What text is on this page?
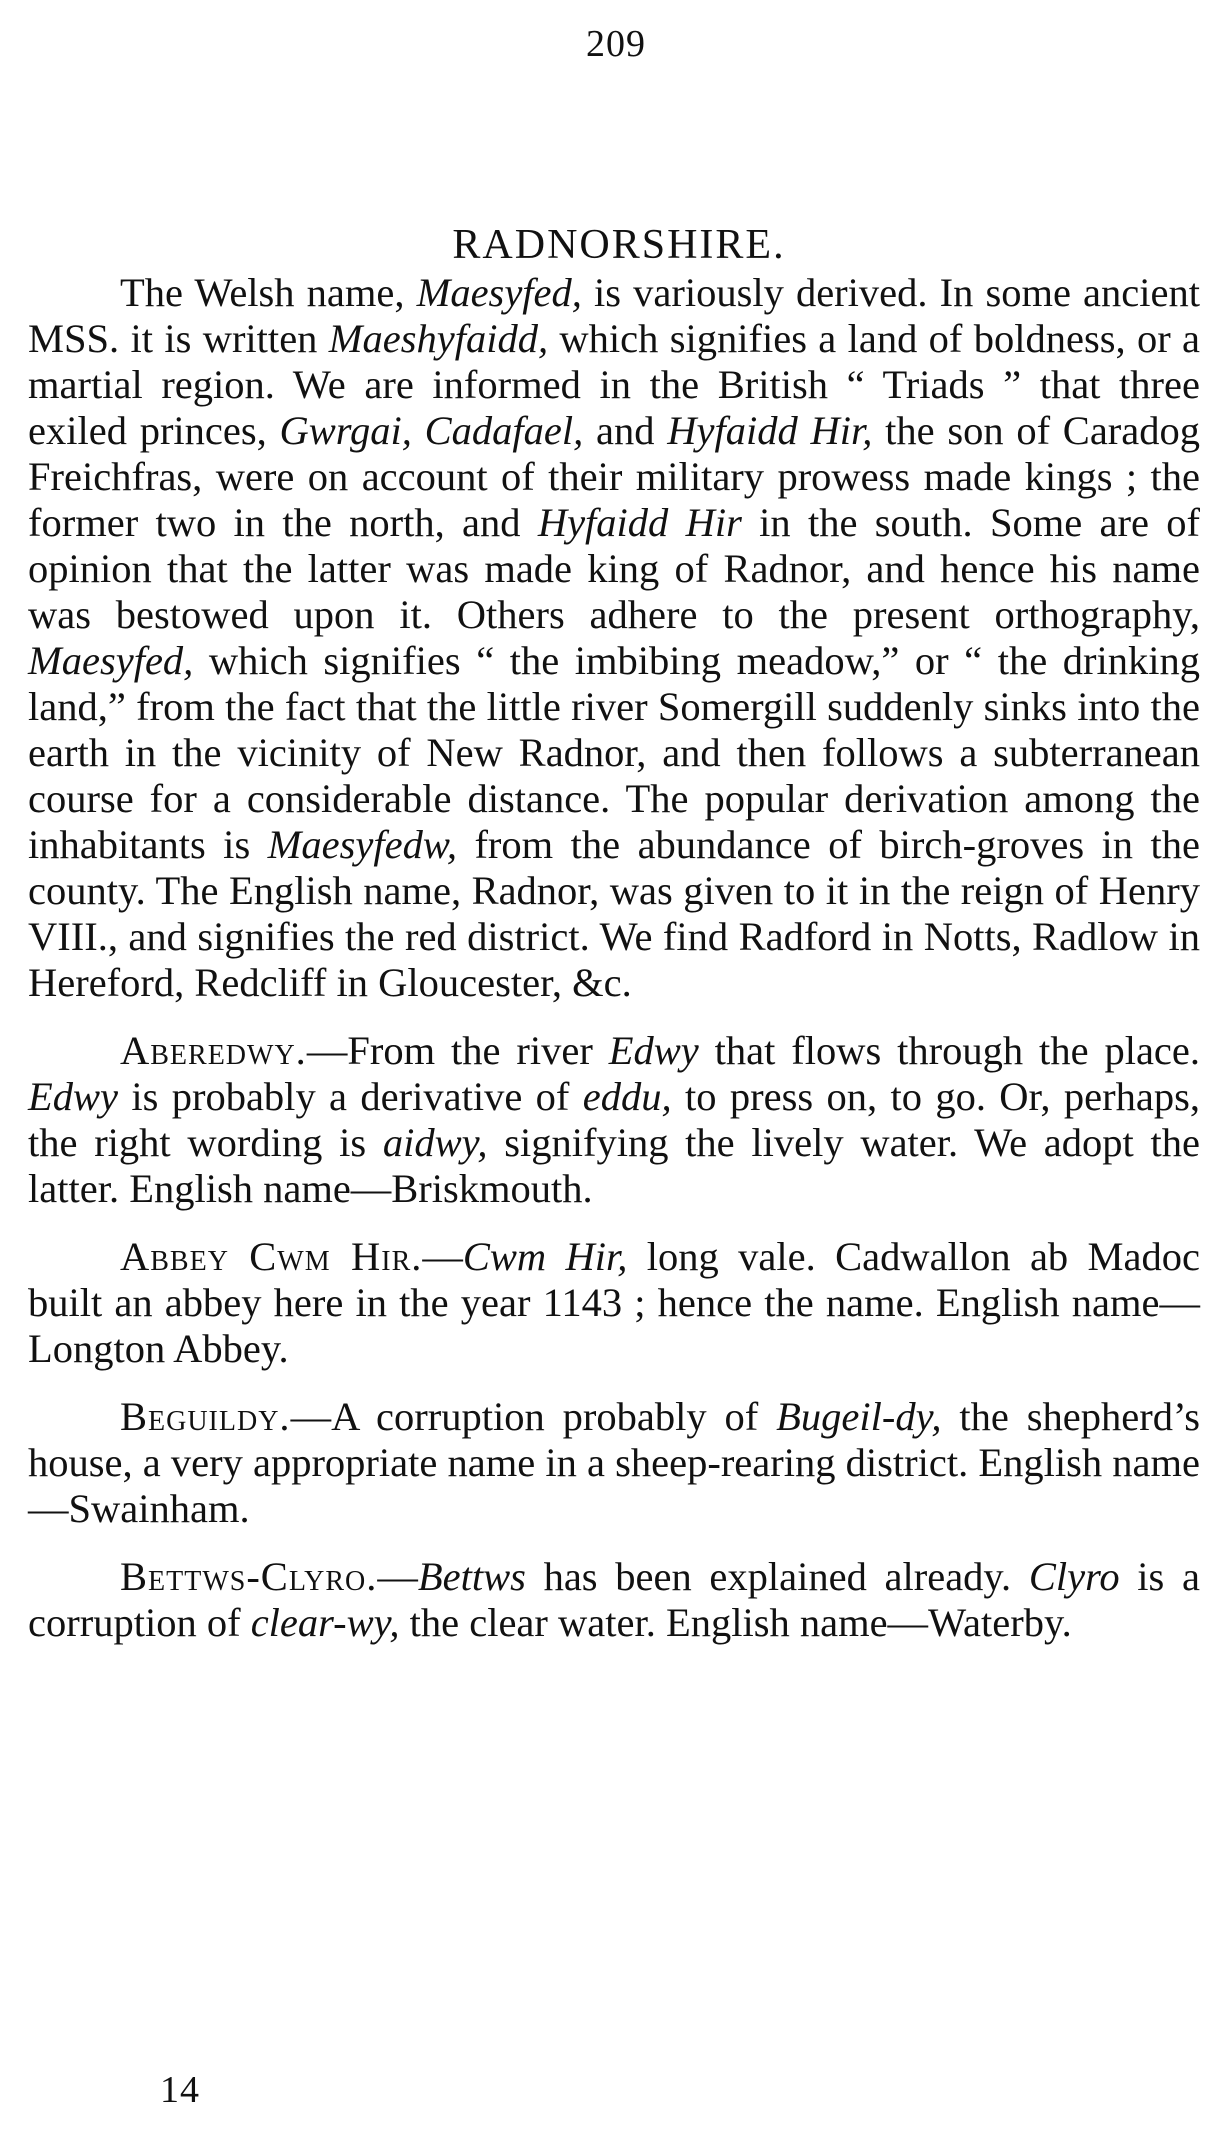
209
RADNORSHIRE.

The Welsh name, Maesyfed, is variously derived. In some ancient MSS. it is written Maeshyfaidd, which signifies a land of boldness, or a martial region. We are informed in the British “ Triads ” that three exiled princes, Gwrgai, Cadafael, and Hyfaidd Hir, the son of Caradog Freichfras, were on account of their military prowess made kings ; the former two in the north, and Hyfaidd Hir in the south. Some are of opinion that the latter was made king of Radnor, and hence his name was bestowed upon it. Others adhere to the present orthography, Maesyfed, which signifies “ the imbibing meadow,” or “ the drinking land,” from the fact that the little river Somergill suddenly sinks into the earth in the vicinity of New Radnor, and then follows a subterranean course for a considerable distance. The popular derivation among the inhabitants is Maesyfedw, from the abundance of birch-groves in the county. The English name, Radnor, was given to it in the reign of Henry VIII., and signifies the red district. We find Radford in Notts, Radlow in Hereford, Redcliff in Gloucester, &c.

Aberedwy.—From the river Edwy that flows through the place. Edwy is probably a derivative of eddu, to press on, to go. Or, perhaps, the right wording is aidwy, signifying the lively water. We adopt the latter. English name—Briskmouth.

Abbey Cwm Hir.—Cwm Hir, long vale. Cadwallon ab Madoc built an abbey here in the year 1143 ; hence the name. English name—Longton Abbey.

Beguildy.—A corruption probably of Bugeil-dy, the shepherd’s house, a very appropriate name in a sheep-rearing district. English name—Swainham.

Bettws-Clyro.—Bettws has been explained already. Clyro is a corruption of clear-wy, the clear water. English name—Waterby.

14
